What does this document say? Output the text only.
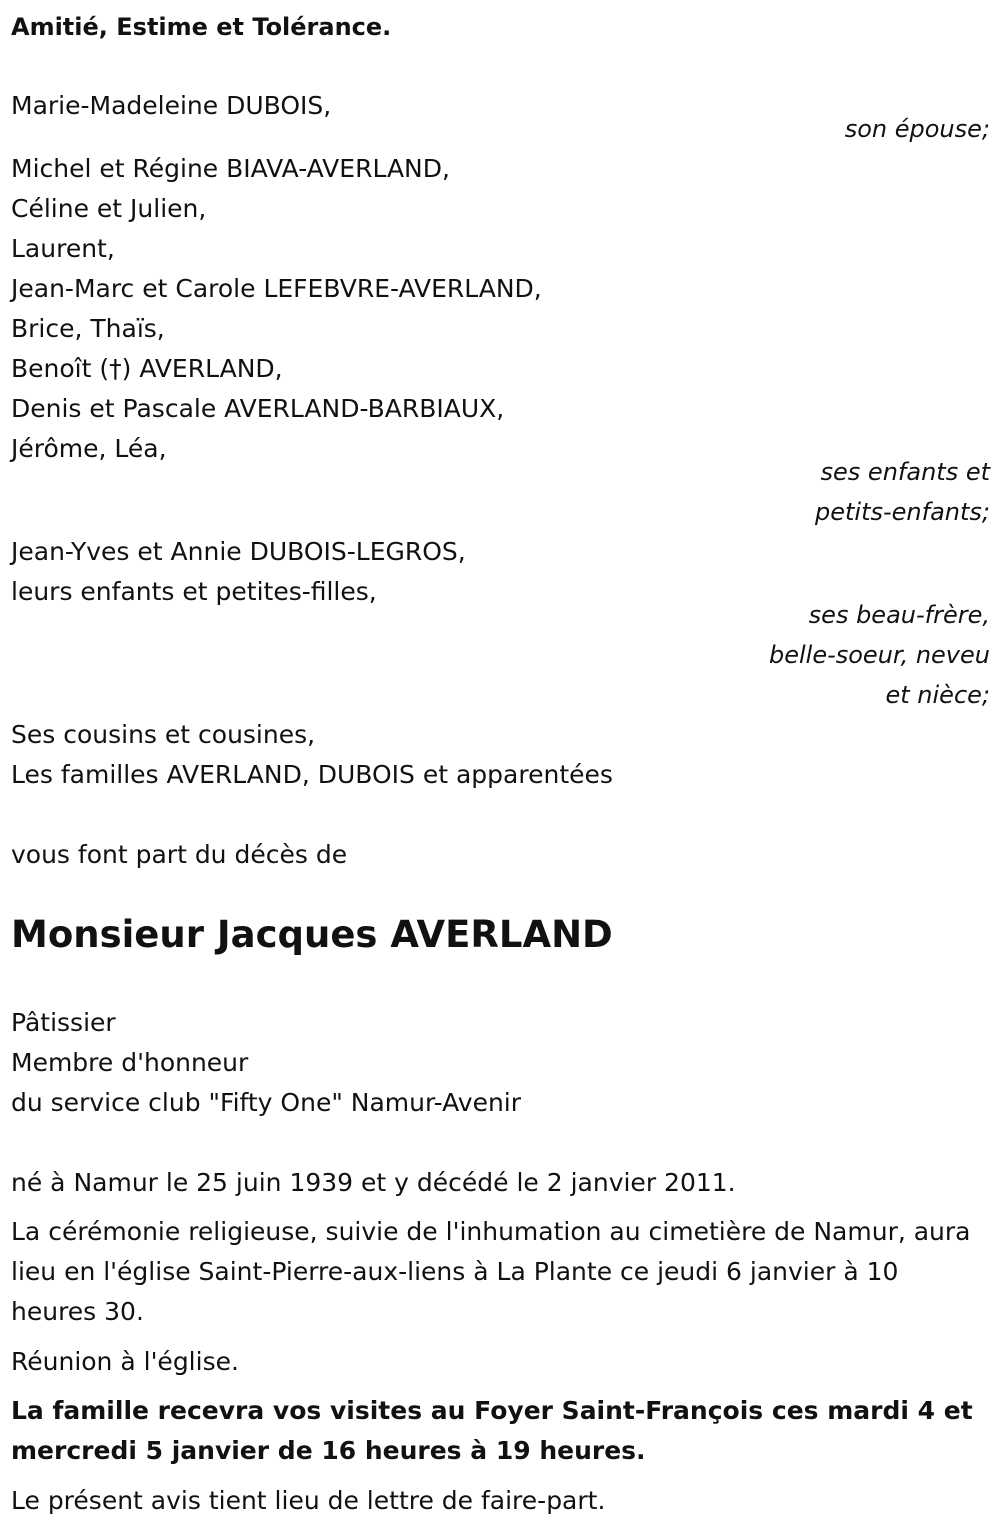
Amitié, Estime et Tolérance.
Marie-Madeleine DUBOIS,
son épouse;
Michel et Régine BIAVA-AVERLAND,
Céline et Julien,
Laurent,
Jean-Marc et Carole LEFEBVRE-AVERLAND,
Brice, Thaïs,
Benoît (†) AVERLAND,
Denis et Pascale AVERLAND-BARBIAUX,
Jérôme, Léa,
ses enfants et
petits-enfants;
Jean-Yves et Annie DUBOIS-LEGROS,
leurs enfants et petites-filles,
ses beau-frère,
belle-soeur, neveu
et nièce;
Ses cousins et cousines,
Les familles AVERLAND, DUBOIS et apparentées
vous font part du décès de
Monsieur Jacques AVERLAND
Pâtissier
Membre d'honneur
du service club "Fifty One" Namur-Avenir
né à Namur le 25 juin 1939 et y décédé le 2 janvier 2011.
La cérémonie religieuse, suivie de l'inhumation au cimetière de Namur, aura lieu en l'église Saint-Pierre-aux-liens à La Plante ce jeudi 6 janvier à 10 heures 30.
Réunion à l'église.
La famille recevra vos visites au Foyer Saint-François ces mardi 4 et mercredi 5 janvier de 16 heures à 19 heures.
Le présent avis tient lieu de lettre de faire-part.
